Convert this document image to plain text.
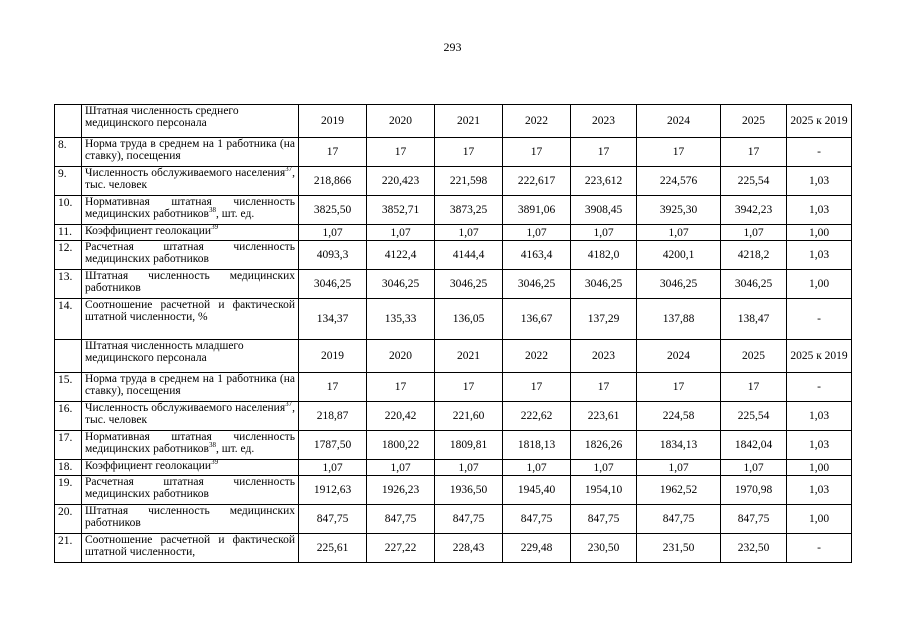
293
	Штатная численность среднего медицинского персонала	2019	2020	2021	2022	2023	2024	2025	2025 к 2019
8.	Норма труда в среднем на 1 работника (на ставку), посещения	17	17	17	17	17	17	17	-
9.	Численность обслуживаемого населения$^{37}$, тыс. человек	218,866	220,423	221,598	222,617	223,612	224,576	225,54	1,03
10.	Нормативная штатная численность медицинских работников$^{38}$, шт. ед.	3825,50	3852,71	3873,25	3891,06	3908,45	3925,30	3942,23	1,03
11.	Коэффициент геолокации$^{39}$	1,07	1,07	1,07	1,07	1,07	1,07	1,07	1,00
12.	Расчетная штатная численность медицинских работников	4093,3	4122,4	4144,4	4163,4	4182,0	4200,1	4218,2	1,03
13.	Штатная численность медицинских работников	3046,25	3046,25	3046,25	3046,25	3046,25	3046,25	3046,25	1,00
14.	Соотношение расчетной и фактической штатной численности, %	134,37	135,33	136,05	136,67	137,29	137,88	138,47	-
	Штатная численность младшего медицинского персонала	2019	2020	2021	2022	2023	2024	2025	2025 к 2019
15.	Норма труда в среднем на 1 работника (на ставку), посещения	17	17	17	17	17	17	17	-
16.	Численность обслуживаемого населения$^{37}$, тыс. человек	218,87	220,42	221,60	222,62	223,61	224,58	225,54	1,03
17.	Нормативная штатная численность медицинских работников$^{38}$, шт. ед.	1787,50	1800,22	1809,81	1818,13	1826,26	1834,13	1842,04	1,03
18.	Коэффициент геолокации$^{39}$	1,07	1,07	1,07	1,07	1,07	1,07	1,07	1,00
19.	Расчетная штатная численность медицинских работников	1912,63	1926,23	1936,50	1945,40	1954,10	1962,52	1970,98	1,03
20.	Штатная численность медицинских работников	847,75	847,75	847,75	847,75	847,75	847,75	847,75	1,00
21.	Соотношение расчетной и фактической штатной численности,	225,61	227,22	228,43	229,48	230,50	231,50	232,50	-
